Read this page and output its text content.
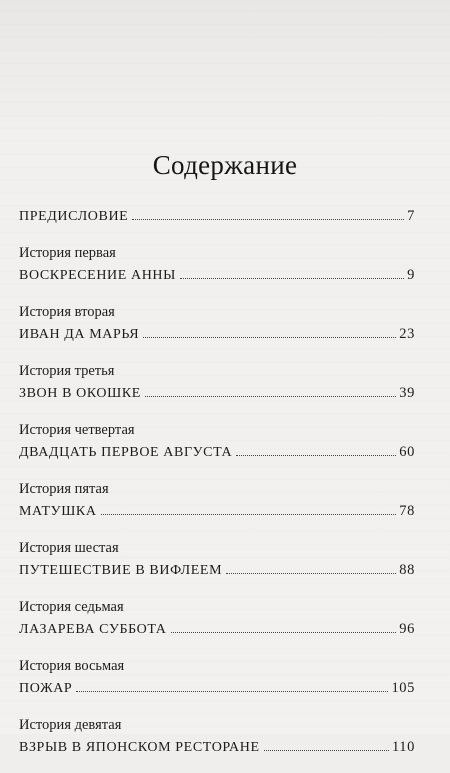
Содержание
ПРЕДИСЛОВИЕ	7
История первая
ВОСКРЕСЕНИЕ АННЫ	9
История вторая
ИВАН ДА МАРЬЯ	23
История третья
ЗВОН В ОКОШКЕ	39
История четвертая
ДВАДЦАТЬ ПЕРВОЕ АВГУСТА	60
История пятая
МАТУШКА	78
История шестая
ПУТЕШЕСТВИЕ В ВИФЛЕЕМ	88
История седьмая
ЛАЗАРЕВА СУББОТА	96
История восьмая
ПОЖАР	105
История девятая
ВЗРЫВ В ЯПОНСКОМ РЕСТОРАНЕ	110
